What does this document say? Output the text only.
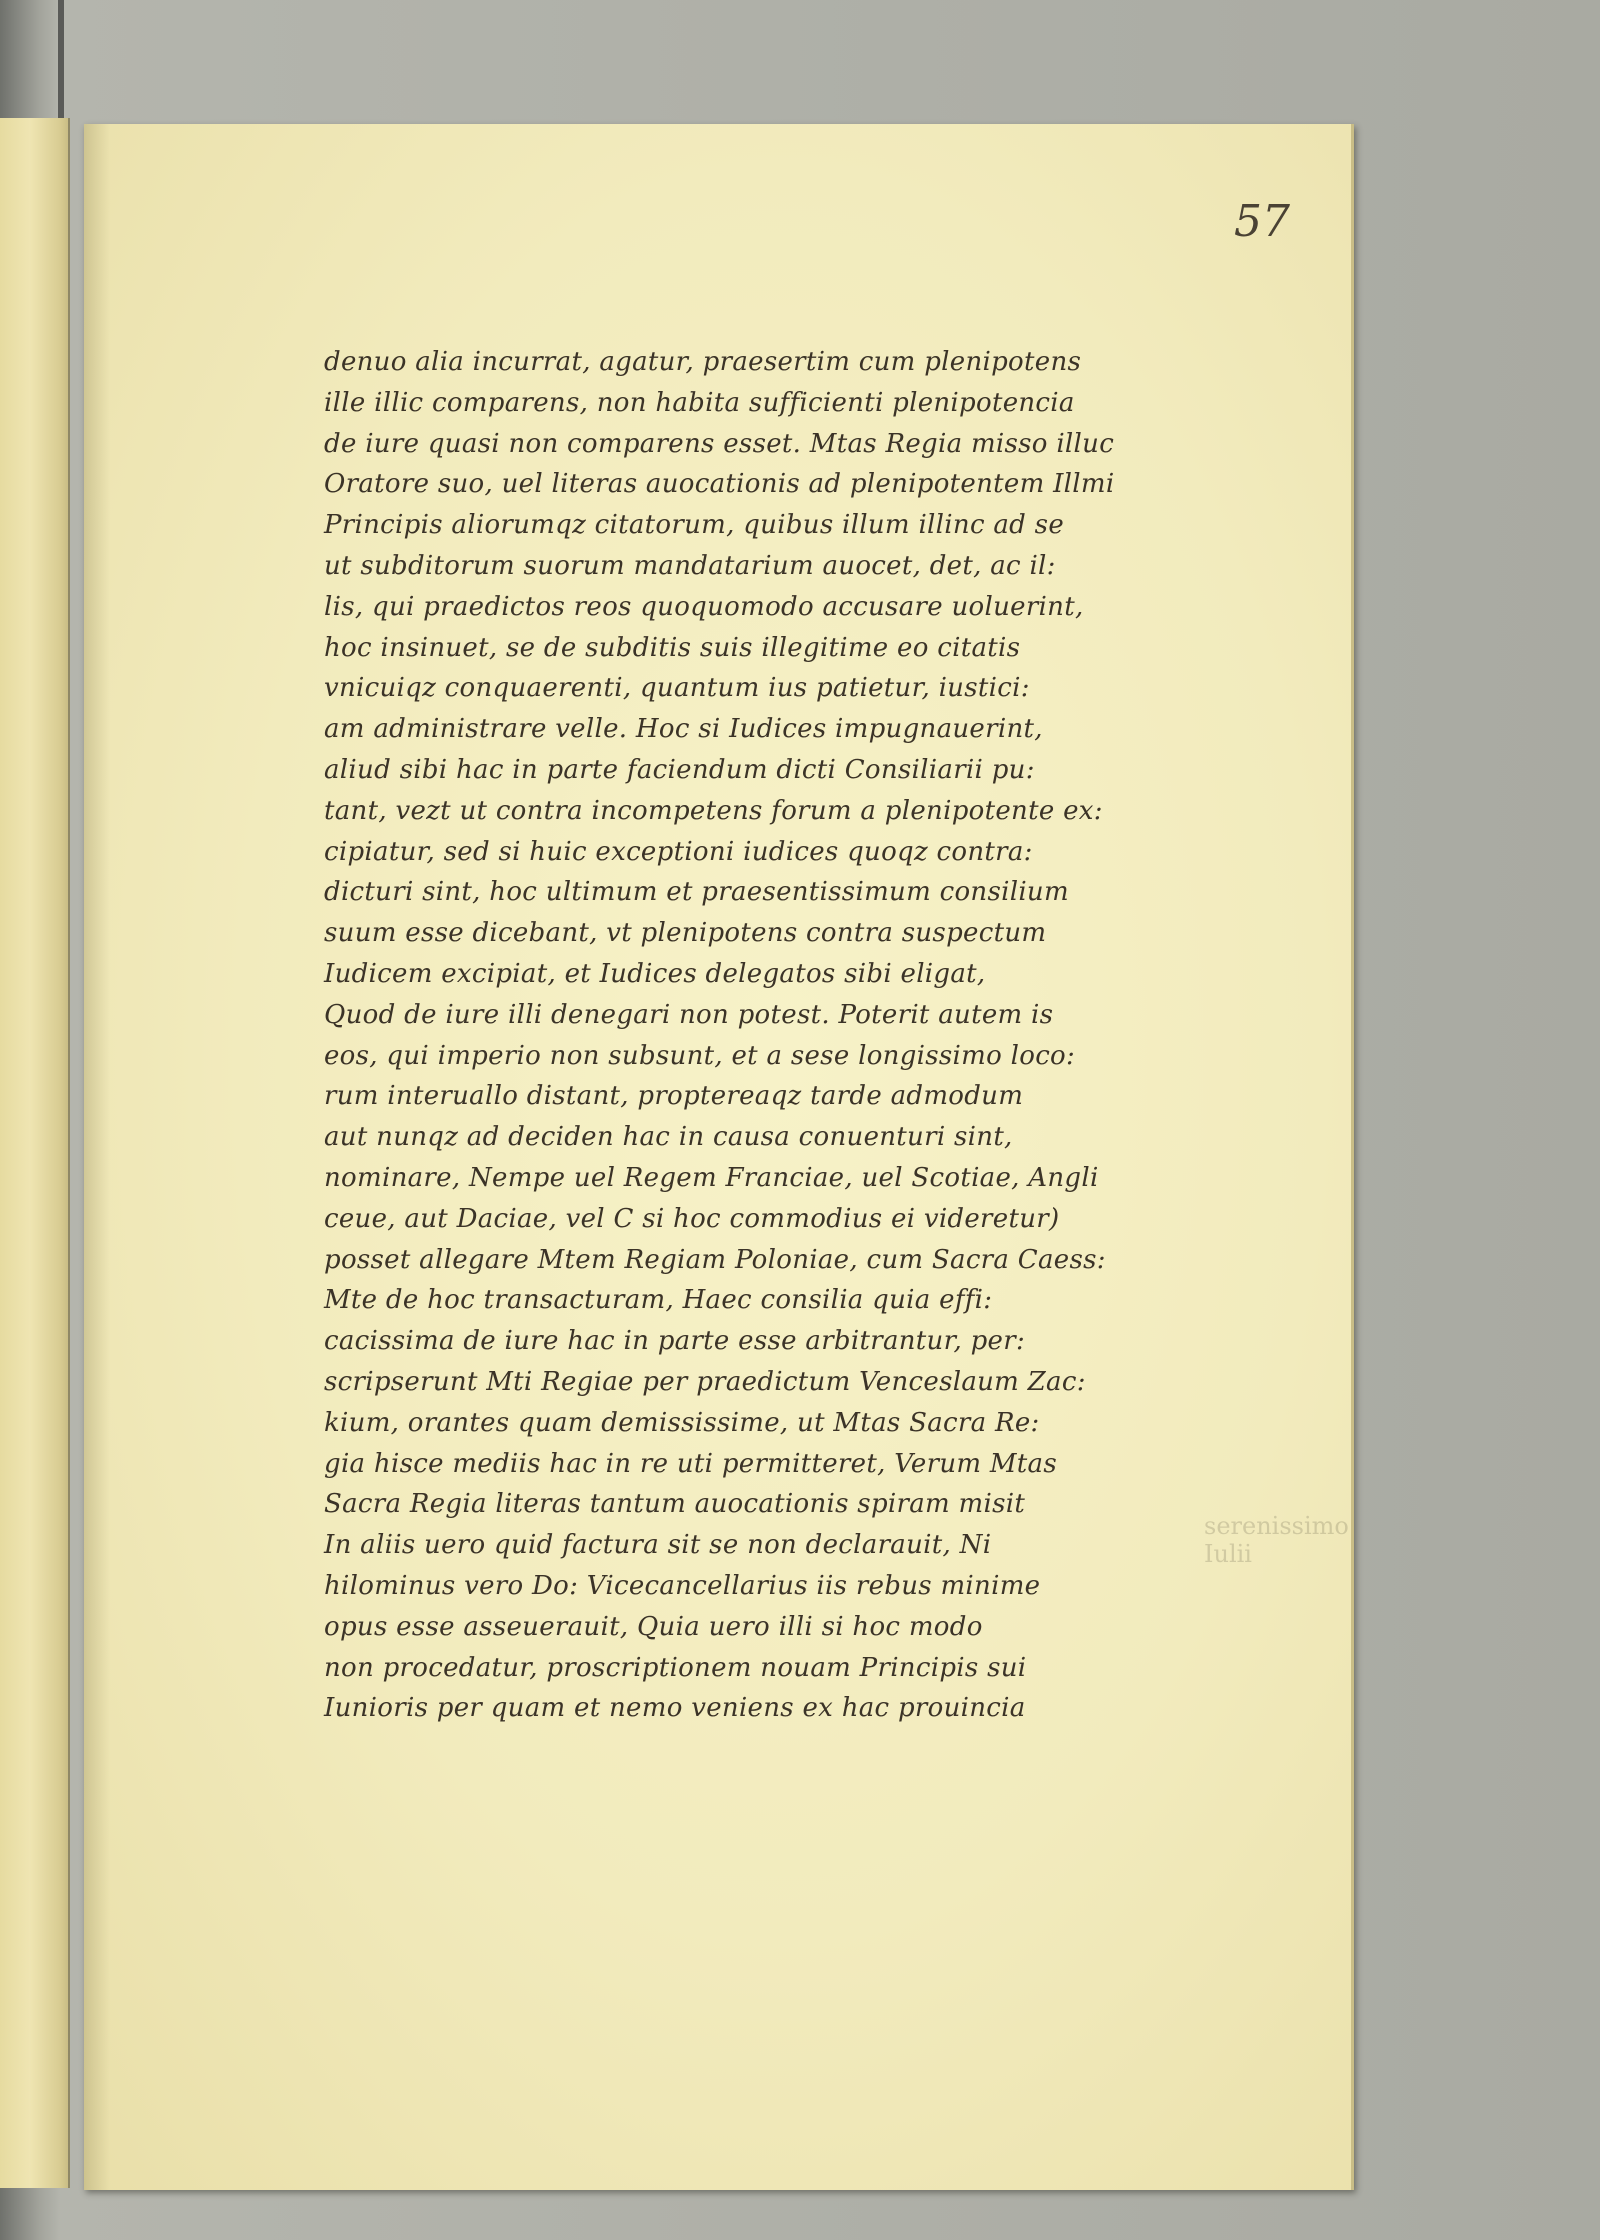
57

denuo alia incurrat, agatur, praesertim cum plenipotens
ille illic comparens, non habita sufficienti plenipotencia
de iure quasi non comparens esset. Mtas Regia misso illuc
Oratore suo, uel literas auocationis ad plenipotentem Illmi
Principis aliorumqz citatorum, quibus illum illinc ad se
ut subditorum suorum mandatarium auocet, det, ac il:
lis, qui praedictos reos quoquomodo accusare uoluerint,
hoc insinuet, se de subditis suis illegitime eo citatis
vnicuiqz conquaerenti, quantum ius patietur, iustici:
am administrare velle. Hoc si Iudices impugnauerint,
aliud sibi hac in parte faciendum dicti Consiliarii pu:
tant, vezt ut contra incompetens forum a plenipotente ex:
cipiatur, sed si huic exceptioni iudices quoqz contra:
dicturi sint, hoc ultimum et praesentissimum consilium
suum esse dicebant, vt plenipotens contra suspectum
Iudicem excipiat, et Iudices delegatos sibi eligat,
Quod de iure illi denegari non potest. Poterit autem is
eos, qui imperio non subsunt, et a sese longissimo loco:
rum interuallo distant, proptereaqz tarde admodum
aut nunqz ad deciden hac in causa conuenturi sint,
nominare, Nempe uel Regem Franciae, uel Scotiae, Angli
ceue, aut Daciae, vel C si hoc commodius ei videretur)
posset allegare Mtem Regiam Poloniae, cum Sacra Caess:
Mte de hoc transacturam, Haec consilia quia effi:
cacissima de iure hac in parte esse arbitrantur, per:
scripserunt Mti Regiae per praedictum Venceslaum Zac:
kium, orantes quam demississime, ut Mtas Sacra Re:
gia hisce mediis hac in re uti permitteret, Verum Mtas
Sacra Regia literas tantum auocationis spiram misit
In aliis uero quid factura sit se non declarauit, Ni
hilominus vero Do: Vicecancellarius iis rebus minime
opus esse asseuerauit, Quia uero illi si hoc modo
non procedatur, proscriptionem nouam Principis sui
Iunioris per quam et nemo veniens ex hac prouincia

serenissimo Iulii
